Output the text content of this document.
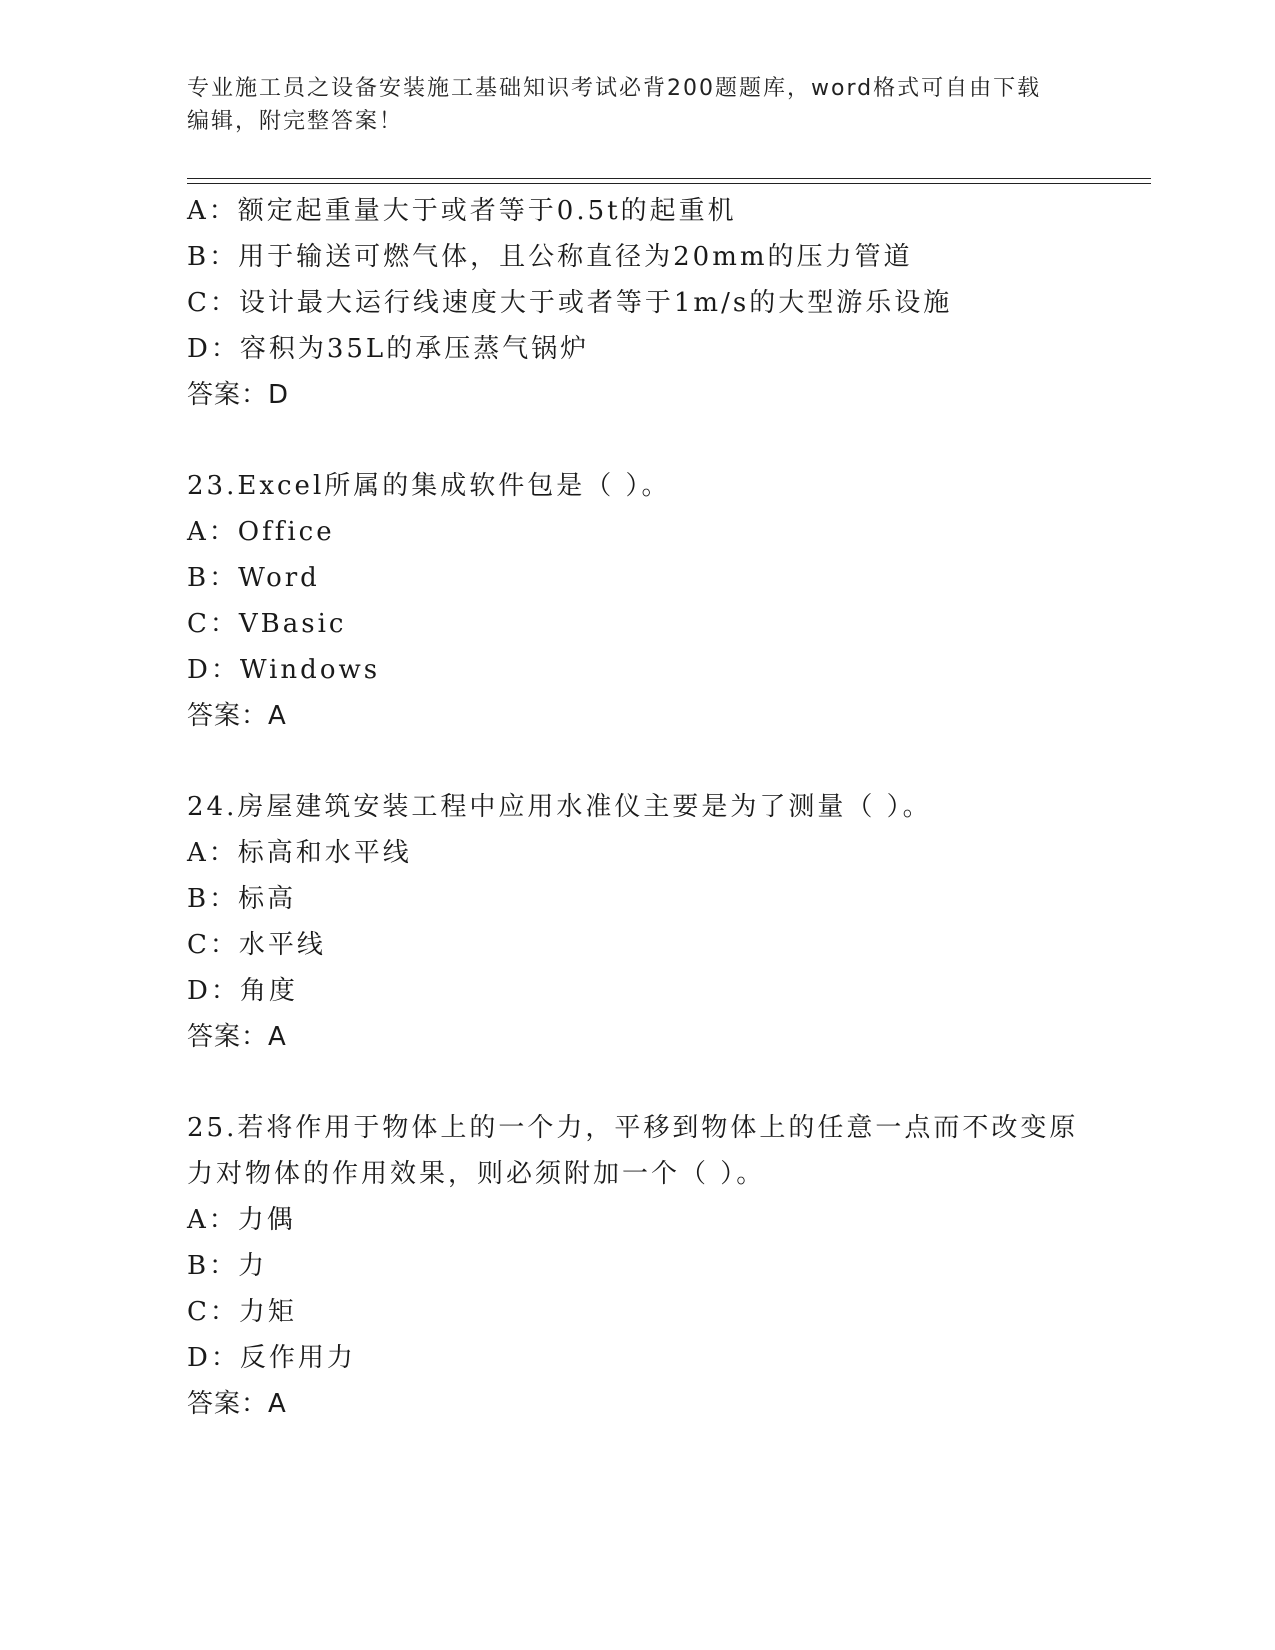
专业施工员之设备安装施工基础知识考试必背200题题库，word格式可自由下载
编辑，附完整答案！
A：额定起重量大于或者等于0.5t的起重机
B：用于输送可燃气体，且公称直径为20mm的压力管道
C：设计最大运行线速度大于或者等于1m/s的大型游乐设施
D：容积为35L的承压蒸气锅炉
答案：D
23.Excel所属的集成软件包是（ ）。
A：Office
B：Word
C：VBasic
D：Windows
答案：A
24.房屋建筑安装工程中应用水准仪主要是为了测量（ ）。
A：标高和水平线
B：标高
C：水平线
D：角度
答案：A
25.若将作用于物体上的一个力，平移到物体上的任意一点而不改变原
力对物体的作用效果，则必须附加一个（ ）。
A：力偶
B：力
C：力矩
D：反作用力
答案：A
